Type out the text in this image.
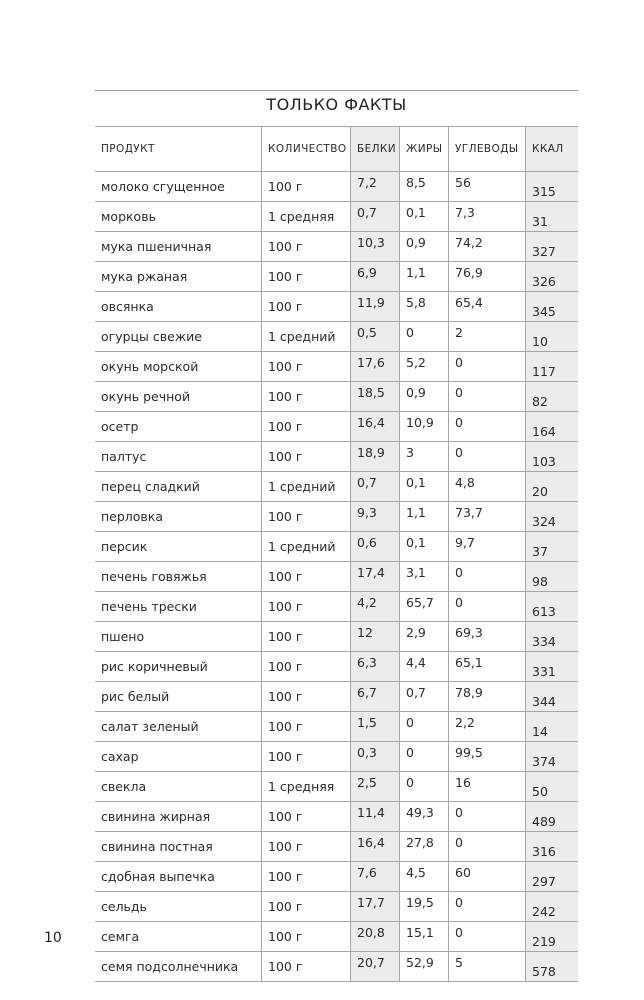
ТОЛЬКО ФАКТЫ
ПРОДУКТ	КОЛИЧЕСТВО	БЕЛКИ	ЖИРЫ	УГЛЕВОДЫ	ККАЛ
молоко сгущенное	100 г	7,2	8,5	56	315
морковь	1 средняя	0,7	0,1	7,3	31
мука пшеничная	100 г	10,3	0,9	74,2	327
мука ржаная	100 г	6,9	1,1	76,9	326
овсянка	100 г	11,9	5,8	65,4	345
огурцы свежие	1 средний	0,5	0	2	10
окунь морской	100 г	17,6	5,2	0	117
окунь речной	100 г	18,5	0,9	0	82
осетр	100 г	16,4	10,9	0	164
палтус	100 г	18,9	3	0	103
перец сладкий	1 средний	0,7	0,1	4,8	20
перловка	100 г	9,3	1,1	73,7	324
персик	1 средний	0,6	0,1	9,7	37
печень говяжья	100 г	17,4	3,1	0	98
печень трески	100 г	4,2	65,7	0	613
пшено	100 г	12	2,9	69,3	334
рис коричневый	100 г	6,3	4,4	65,1	331
рис белый	100 г	6,7	0,7	78,9	344
салат зеленый	100 г	1,5	0	2,2	14
сахар	100 г	0,3	0	99,5	374
свекла	1 средняя	2,5	0	16	50
свинина жирная	100 г	11,4	49,3	0	489
свинина постная	100 г	16,4	27,8	0	316
сдобная выпечка	100 г	7,6	4,5	60	297
сельдь	100 г	17,7	19,5	0	242
семга	100 г	20,8	15,1	0	219
семя подсолнечника	100 г	20,7	52,9	5	578
10
